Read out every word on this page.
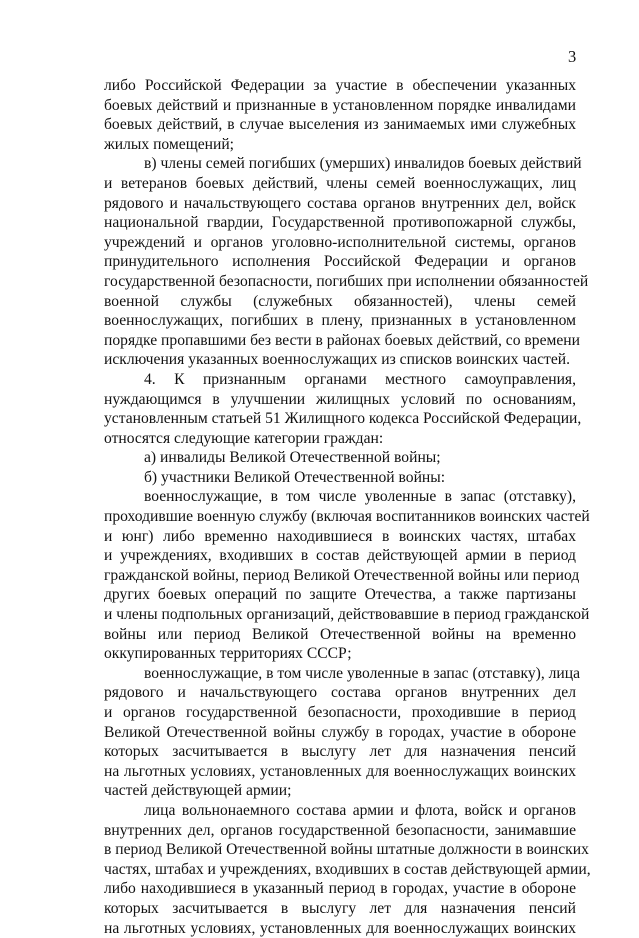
3
либо Российской Федерации за участие в обеспечении указанных
боевых действий и признанные в установленном порядке инвалидами
боевых действий, в случае выселения из занимаемых ими служебных
жилых помещений;
в) члены семей погибших (умерших) инвалидов боевых действий
и ветеранов боевых действий, члены семей военнослужащих, лиц
рядового и начальствующего состава органов внутренних дел, войск
национальной гвардии, Государственной противопожарной службы,
учреждений и органов уголовно-исполнительной системы, органов
принудительного исполнения Российской Федерации и органов
государственной безопасности, погибших при исполнении обязанностей
военной службы (служебных обязанностей), члены семей
военнослужащих, погибших в плену, признанных в установленном
порядке пропавшими без вести в районах боевых действий, со времени
исключения указанных военнослужащих из списков воинских частей.
4. К признанным органами местного самоуправления,
нуждающимся в улучшении жилищных условий по основаниям,
установленным статьей 51 Жилищного кодекса Российской Федерации,
относятся следующие категории граждан:
а) инвалиды Великой Отечественной войны;
б) участники Великой Отечественной войны:
военнослужащие, в том числе уволенные в запас (отставку),
проходившие военную службу (включая воспитанников воинских частей
и юнг) либо временно находившиеся в воинских частях, штабах
и учреждениях, входивших в состав действующей армии в период
гражданской войны, период Великой Отечественной войны или период
других боевых операций по защите Отечества, а также партизаны
и члены подпольных организаций, действовавшие в период гражданской
войны или период Великой Отечественной войны на временно
оккупированных территориях СССР;
военнослужащие, в том числе уволенные в запас (отставку), лица
рядового и начальствующего состава органов внутренних дел
и органов государственной безопасности, проходившие в период
Великой Отечественной войны службу в городах, участие в обороне
которых засчитывается в выслугу лет для назначения пенсий
на льготных условиях, установленных для военнослужащих воинских
частей действующей армии;
лица вольнонаемного состава армии и флота, войск и органов
внутренних дел, органов государственной безопасности, занимавшие
в период Великой Отечественной войны штатные должности в воинских
частях, штабах и учреждениях, входивших в состав действующей армии,
либо находившиеся в указанный период в городах, участие в обороне
которых засчитывается в выслугу лет для назначения пенсий
на льготных условиях, установленных для военнослужащих воинских
